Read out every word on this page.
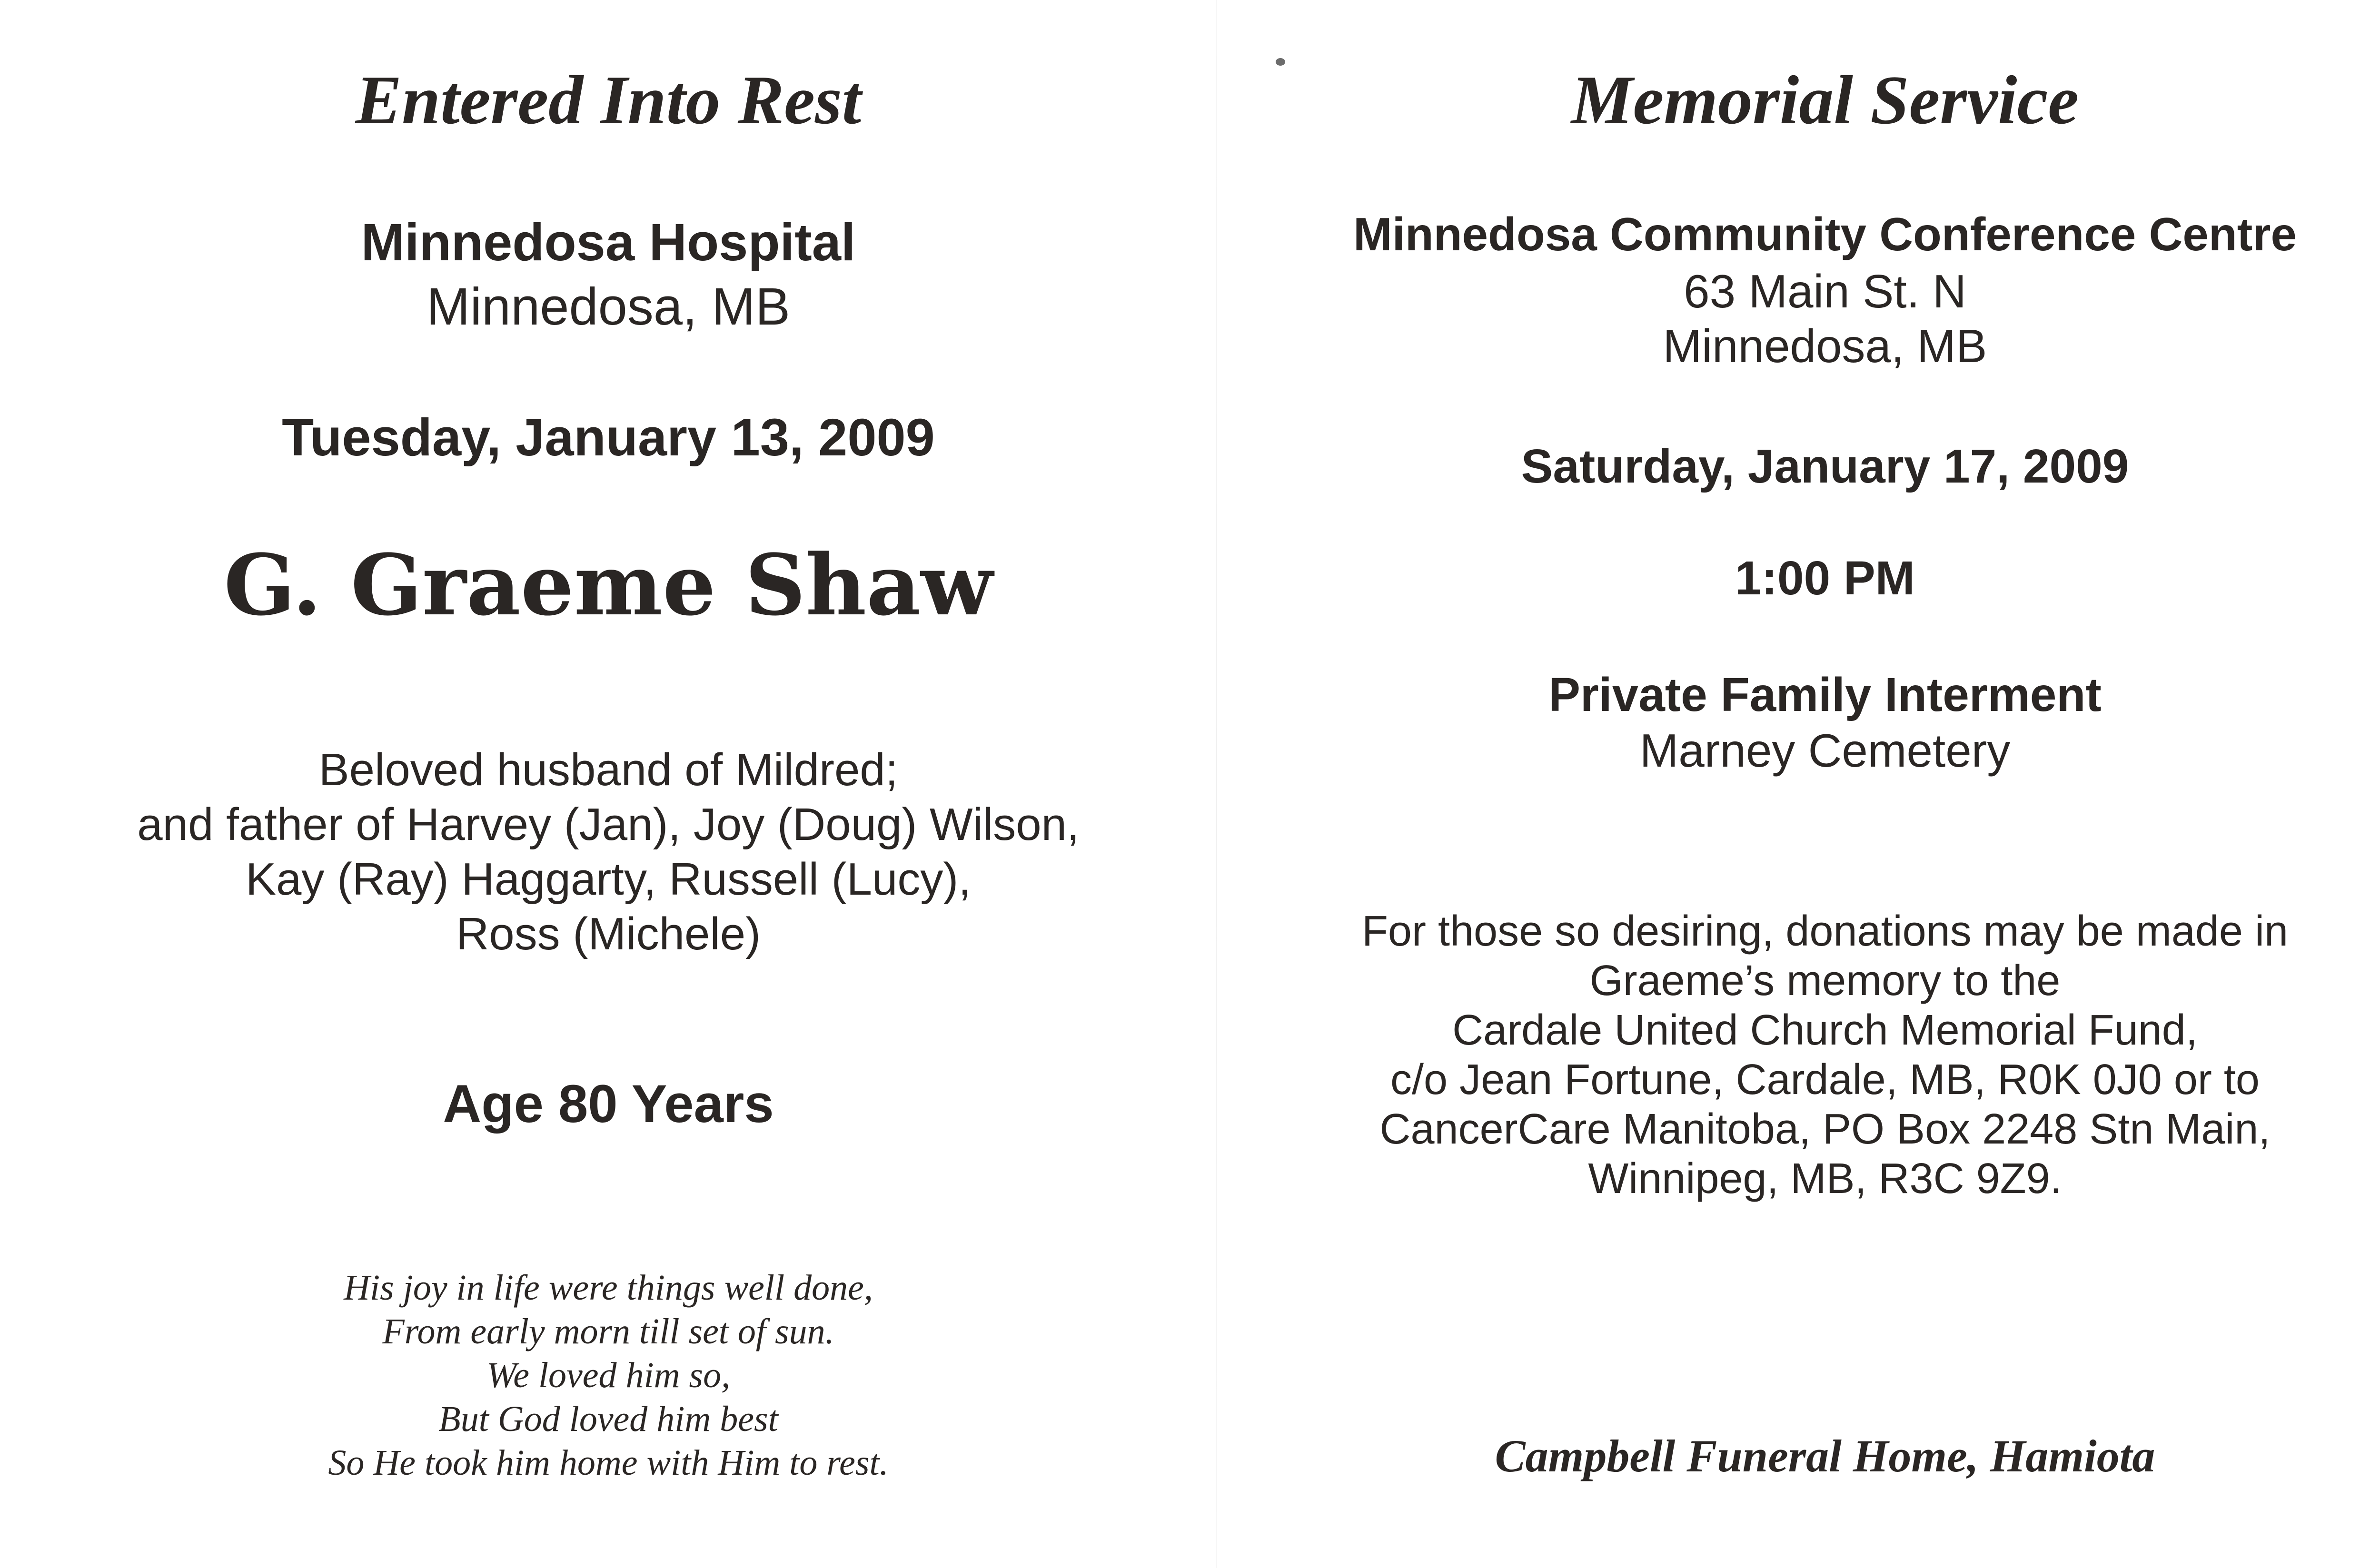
Entered Into Rest

Minnedosa Hospital

Minnedosa, MB

Tuesday, January 13, 2009

G. Graeme Shaw

Beloved husband of Mildred;
and father of Harvey (Jan), Joy (Doug) Wilson,
Kay (Ray) Haggarty, Russell (Lucy),
Ross (Michele)

Age 80 Years

His joy in life were things well done,
From early morn till set of sun.
We loved him so,
But God loved him best
So He took him home with Him to rest.

Memorial Service

Minnedosa Community Conference Centre

63 Main St. N

Minnedosa, MB

Saturday, January 17, 2009

1:00 PM

Private Family Interment

Marney Cemetery

For those so desiring, donations may be made in
Graeme’s memory to the
Cardale United Church Memorial Fund,
c/o Jean Fortune, Cardale, MB, R0K 0J0 or to
CancerCare Manitoba, PO Box 2248 Stn Main,
Winnipeg, MB, R3C 9Z9.

Campbell Funeral Home, Hamiota
